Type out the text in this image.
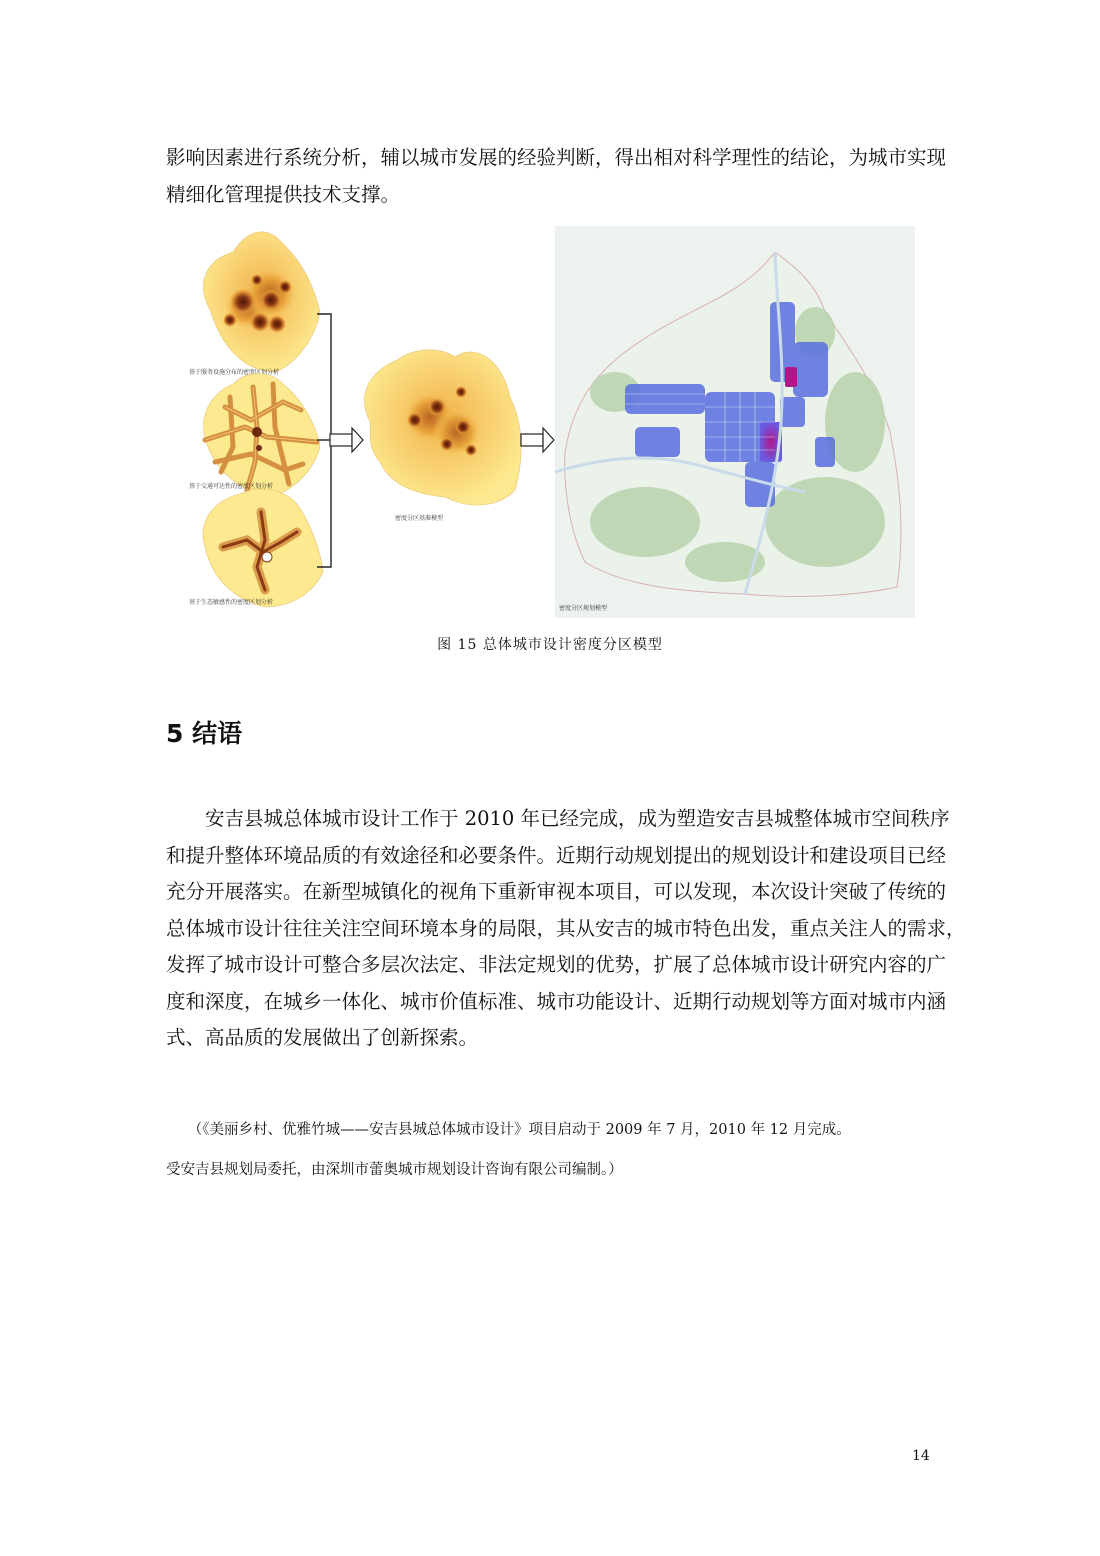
影响因素进行系统分析，辅以城市发展的经验判断，得出相对科学理性的结论，为城市实现
精细化管理提供技术支撑。
基于服务设施分布的密度区划分析
基于交通可达性的密度区划分析
基于生态敏感性的密度区划分析
密度分区基准模型
密度分区规划模型
图 15 总体城市设计密度分区模型
5 结语
　　安吉县城总体城市设计工作于 2010 年已经完成，成为塑造安吉县城整体城市空间秩序
和提升整体环境品质的有效途径和必要条件。近期行动规划提出的规划设计和建设项目已经
充分开展落实。在新型城镇化的视角下重新审视本项目，可以发现，本次设计突破了传统的
总体城市设计往往关注空间环境本身的局限，其从安吉的城市特色出发，重点关注人的需求，
发挥了城市设计可整合多层次法定、非法定规划的优势，扩展了总体城市设计研究内容的广
度和深度，在城乡一体化、城市价值标准、城市功能设计、近期行动规划等方面对城市内涵
式、高品质的发展做出了创新探索。
　　（《美丽乡村、优雅竹城——安吉县城总体城市设计》项目启动于 2009 年 7 月，2010 年 12 月完成。
受安吉县规划局委托，由深圳市蕾奥城市规划设计咨询有限公司编制。）
14
